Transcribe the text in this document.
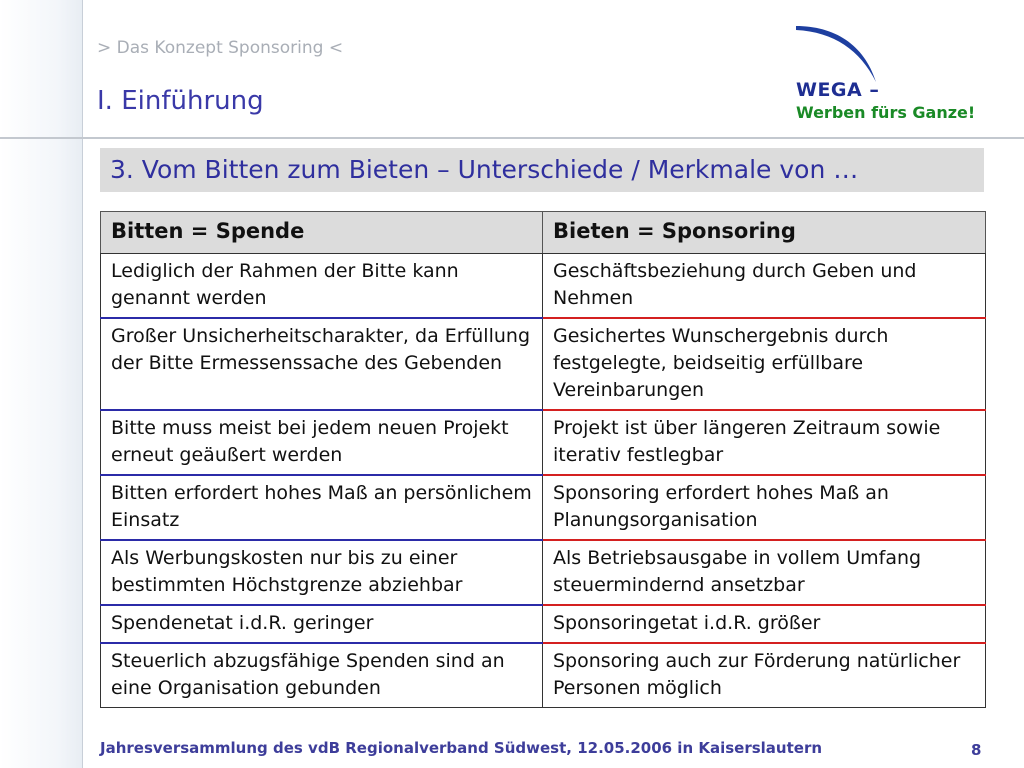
> Das Konzept Sponsoring <
I. Einführung	WEGA –
Werben fürs Ganze!
3. Vom Bitten zum Bieten – Unterschiede / Merkmale von …
Bitten = Spende	Bieten = Sponsoring
Lediglich der Rahmen der Bitte kann genannt werden	Geschäftsbeziehung durch Geben und Nehmen
Großer Unsicherheitscharakter, da Erfüllung der Bitte Ermessenssache des Gebenden	Gesichertes Wunschergebnis durch festgelegte, beidseitig erfüllbare Vereinbarungen
Bitte muss meist bei jedem neuen Projekt erneut geäußert werden	Projekt ist über längeren Zeitraum sowie iterativ festlegbar
Bitten erfordert hohes Maß an persönlichem Einsatz	Sponsoring erfordert hohes Maß an Planungsorganisation
Als Werbungskosten nur bis zu einer bestimmten Höchstgrenze abziehbar	Als Betriebsausgabe in vollem Umfang steuermindernd ansetzbar
Spendenetat i.d.R. geringer	Sponsoringetat i.d.R. größer
Steuerlich abzugsfähige Spenden sind an eine Organisation gebunden	Sponsoring auch zur Förderung natürlicher Personen möglich
Jahresversammlung des vdB Regionalverband Südwest, 12.05.2006 in Kaiserslautern	8
